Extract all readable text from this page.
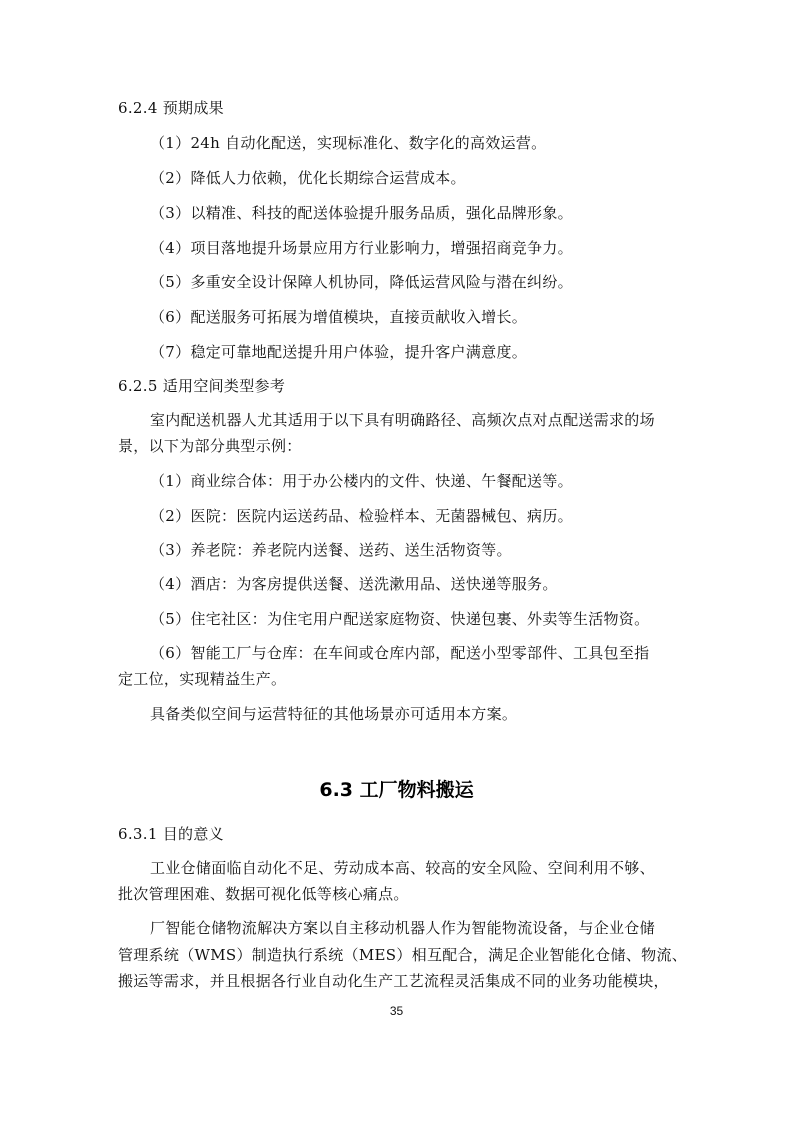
6.2.4 预期成果
（1）24h 自动化配送，实现标准化、数字化的高效运营。
（2）降低人力依赖，优化长期综合运营成本。
（3）以精准、科技的配送体验提升服务品质，强化品牌形象。
（4）项目落地提升场景应用方行业影响力，增强招商竞争力。
（5）多重安全设计保障人机协同，降低运营风险与潜在纠纷。
（6）配送服务可拓展为增值模块，直接贡献收入增长。
（7）稳定可靠地配送提升用户体验，提升客户满意度。
6.2.5 适用空间类型参考
室内配送机器人尤其适用于以下具有明确路径、高频次点对点配送需求的场
景，以下为部分典型示例：
（1）商业综合体：用于办公楼内的文件、快递、午餐配送等。
（2）医院：医院内运送药品、检验样本、无菌器械包、病历。
（3）养老院：养老院内送餐、送药、送生活物资等。
（4）酒店：为客房提供送餐、送洗漱用品、送快递等服务。
（5）住宅社区：为住宅用户配送家庭物资、快递包裹、外卖等生活物资。
（6）智能工厂与仓库：在车间或仓库内部，配送小型零部件、工具包至指
定工位，实现精益生产。
具备类似空间与运营特征的其他场景亦可适用本方案。
6.3 工厂物料搬运
6.3.1 目的意义
工业仓储面临自动化不足、劳动成本高、较高的安全风险、空间利用不够、
批次管理困难、数据可视化低等核心痛点。
厂智能仓储物流解决方案以自主移动机器人作为智能物流设备，与企业仓储
管理系统（WMS）制造执行系统（MES）相互配合，满足企业智能化仓储、物流、
搬运等需求，并且根据各行业自动化生产工艺流程灵活集成不同的业务功能模块，
35
